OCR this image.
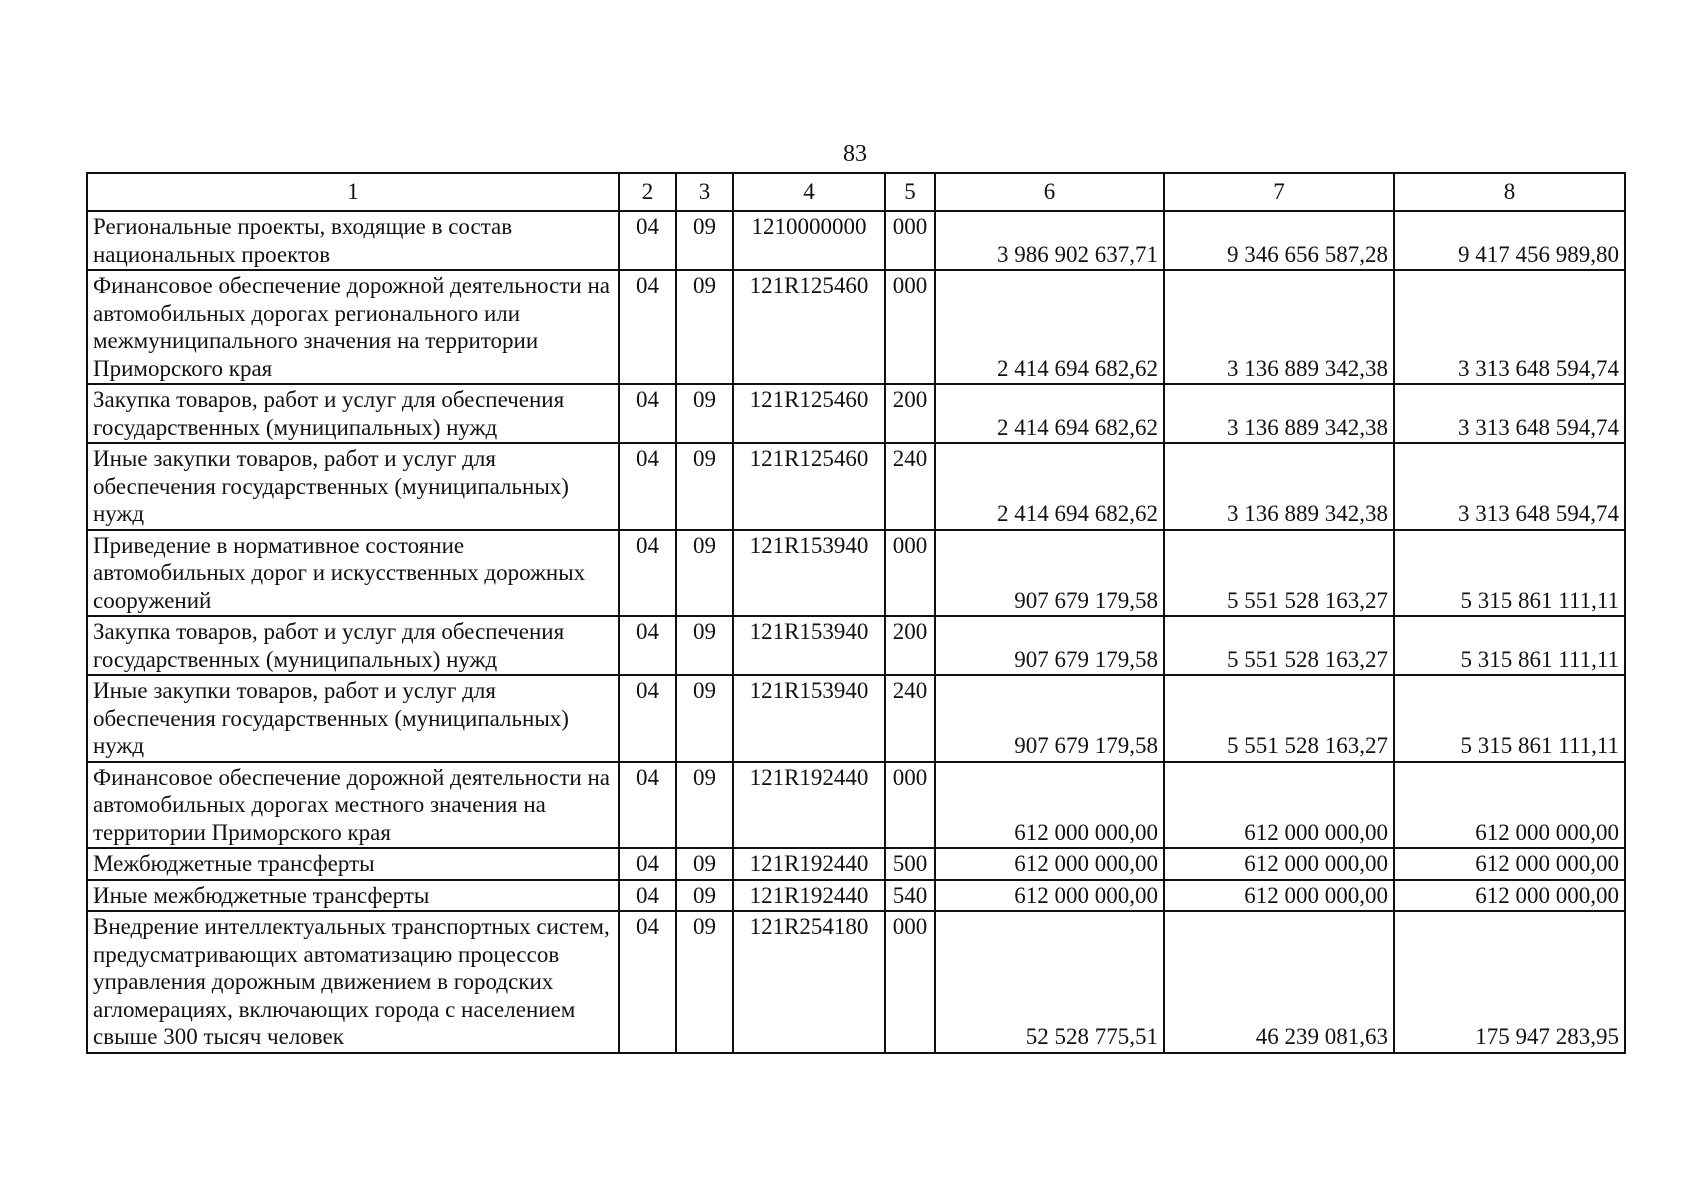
83
1	2	3	4	5	6	7	8
Региональные проекты, входящие в состав национальных проектов	04	09	1210000000	000	3 986 902 637,71	9 346 656 587,28	9 417 456 989,80
Финансовое обеспечение дорожной деятельности на автомобильных дорогах регионального или межмуниципального значения на территории Приморского края	04	09	121R125460	000	2 414 694 682,62	3 136 889 342,38	3 313 648 594,74
Закупка товаров, работ и услуг для обеспечения государственных (муниципальных) нужд	04	09	121R125460	200	2 414 694 682,62	3 136 889 342,38	3 313 648 594,74
Иные закупки товаров, работ и услуг для обеспечения государственных (муниципальных) нужд	04	09	121R125460	240	2 414 694 682,62	3 136 889 342,38	3 313 648 594,74
Приведение в нормативное состояние автомобильных дорог и искусственных дорожных сооружений	04	09	121R153940	000	907 679 179,58	5 551 528 163,27	5 315 861 111,11
Закупка товаров, работ и услуг для обеспечения государственных (муниципальных) нужд	04	09	121R153940	200	907 679 179,58	5 551 528 163,27	5 315 861 111,11
Иные закупки товаров, работ и услуг для обеспечения государственных (муниципальных) нужд	04	09	121R153940	240	907 679 179,58	5 551 528 163,27	5 315 861 111,11
Финансовое обеспечение дорожной деятельности на автомобильных дорогах местного значения на территории Приморского края	04	09	121R192440	000	612 000 000,00	612 000 000,00	612 000 000,00
Межбюджетные трансферты	04	09	121R192440	500	612 000 000,00	612 000 000,00	612 000 000,00
Иные межбюджетные трансферты	04	09	121R192440	540	612 000 000,00	612 000 000,00	612 000 000,00
Внедрение интеллектуальных транспортных систем, предусматривающих автоматизацию процессов управления дорожным движением в городских агломерациях, включающих города с населением свыше 300 тысяч человек	04	09	121R254180	000	52 528 775,51	46 239 081,63	175 947 283,95
